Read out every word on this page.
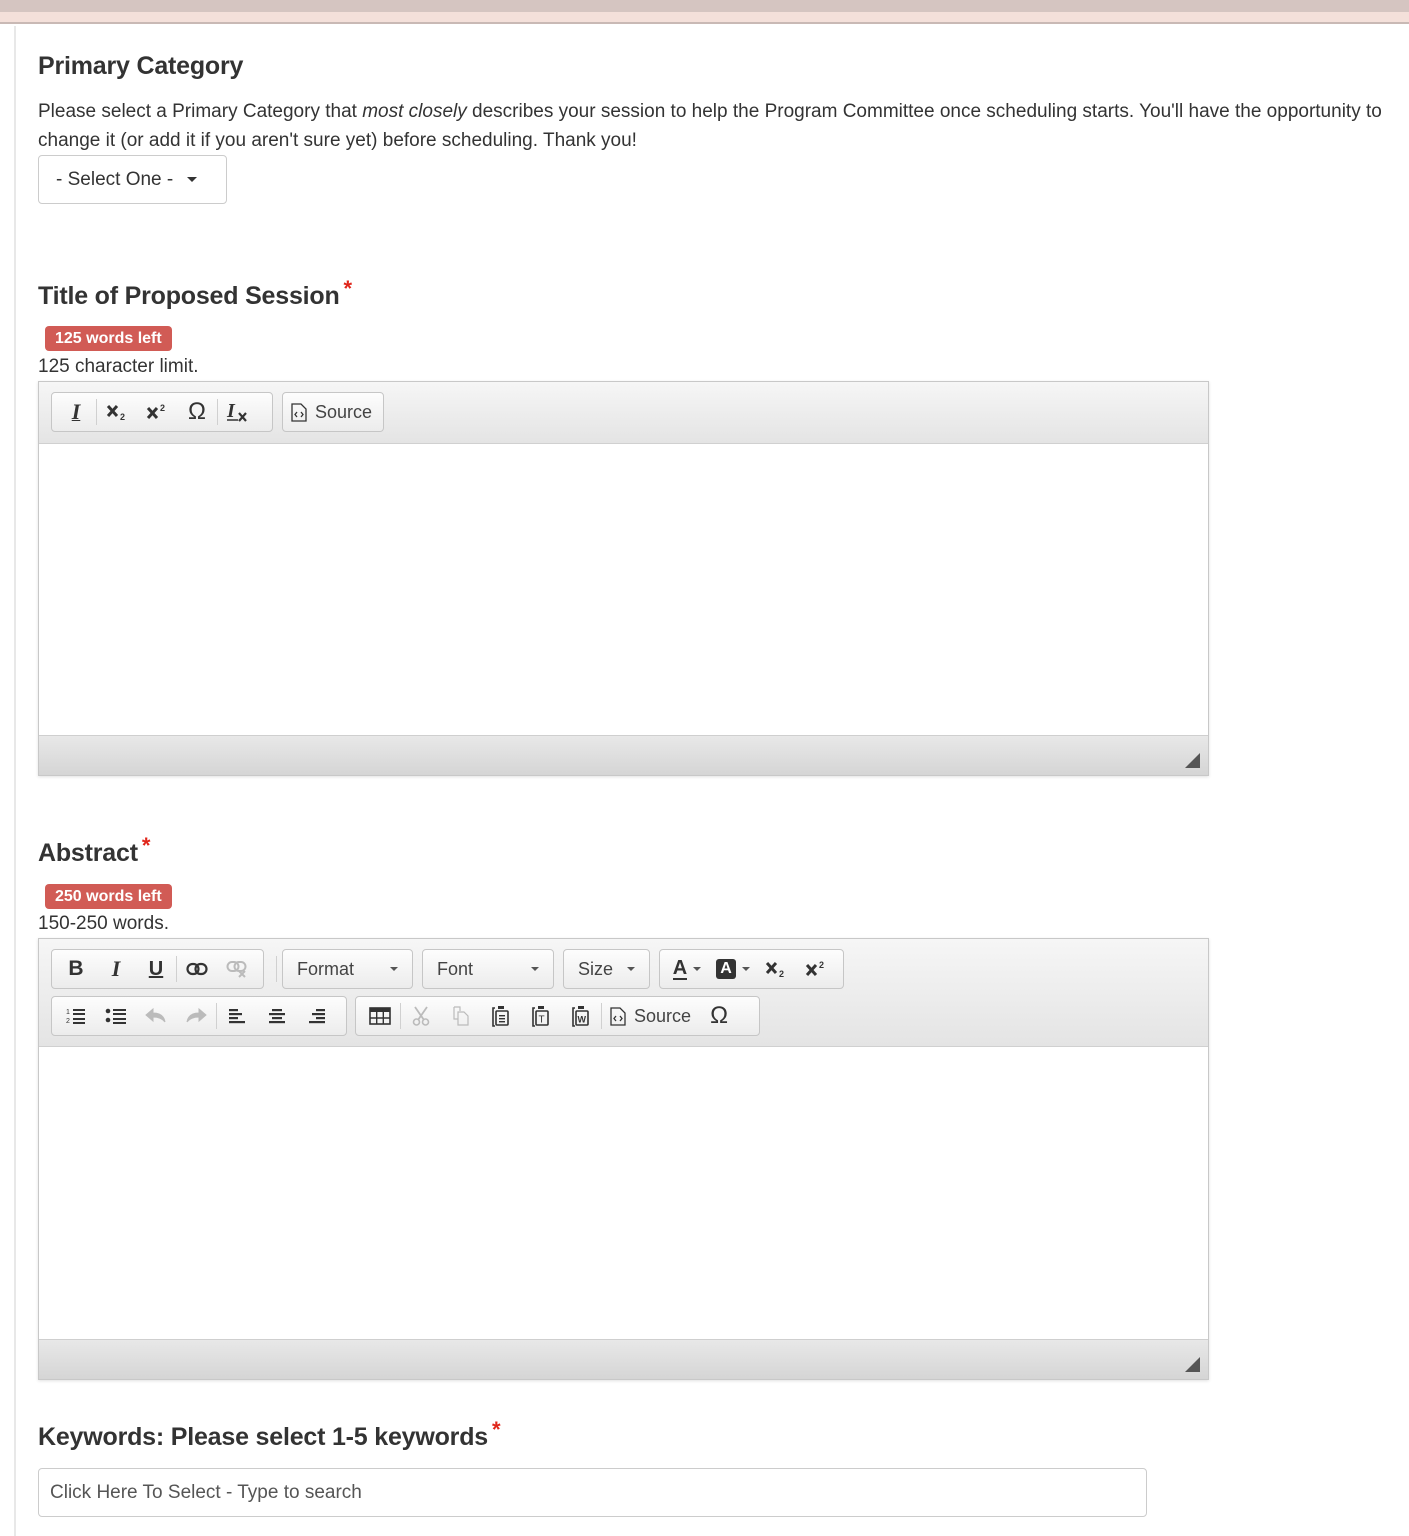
Primary Category

Please select a Primary Category that most closely describes your session to help the Program Committee once scheduling starts. You'll have the opportunity to change it (or add it if you aren't sure yet) before scheduling. Thank you!

- Select One -
Title of Proposed Session *
125 words left
125 character limit.
I	2
2 Ω I	Source
Abstract *
250 words left
150-250 words.
B I U	Format	Font	Size	A A	2
2
1
2	T	W	Source Ω
Keywords: Please select 1-5 keywords *
Click Here To Select - Type to search
